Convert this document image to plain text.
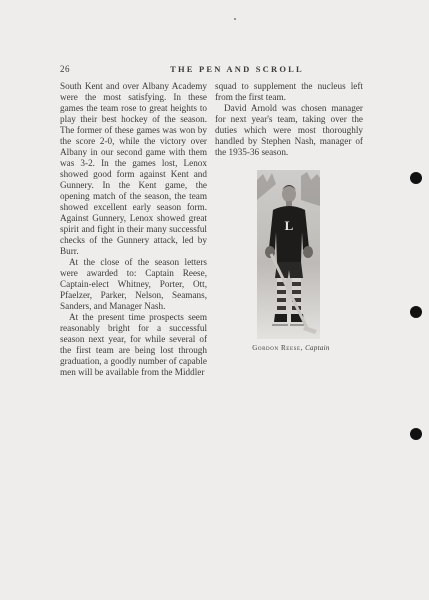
26	THE PEN AND SCROLL

South Kent and over Albany Academy were the most satisfying. In these games the team rose to great heights to play their best hockey of the season. The former of these games was won by the score 2-0, while the victory over Albany in our second game with them was 3-2. In the games lost, Lenox showed good form against Kent and Gunnery. In the Kent game, the opening match of the season, the team showed excellent early season form. Against Gunnery, Lenox showed great spirit and fight in their many successful checks of the Gunnery attack, led by Burr.

At the close of the season letters were awarded to: Captain Reese, Captain-elect Whitney, Porter, Ott, Pfaelzer, Parker, Nelson, Seamans, Sanders, and Manager Nash.

At the present time prospects seem reasonably bright for a successful season next year, for while several of the first team are being lost through graduation, a goodly number of capable men will be available from the Middler

squad to supplement the nucleus left from the first team.

David Arnold was chosen manager for next year's team, taking over the duties which were most thoroughly handled by Stephen Nash, manager of the 1935-36 season.

L
Gordon Reese, Captain
